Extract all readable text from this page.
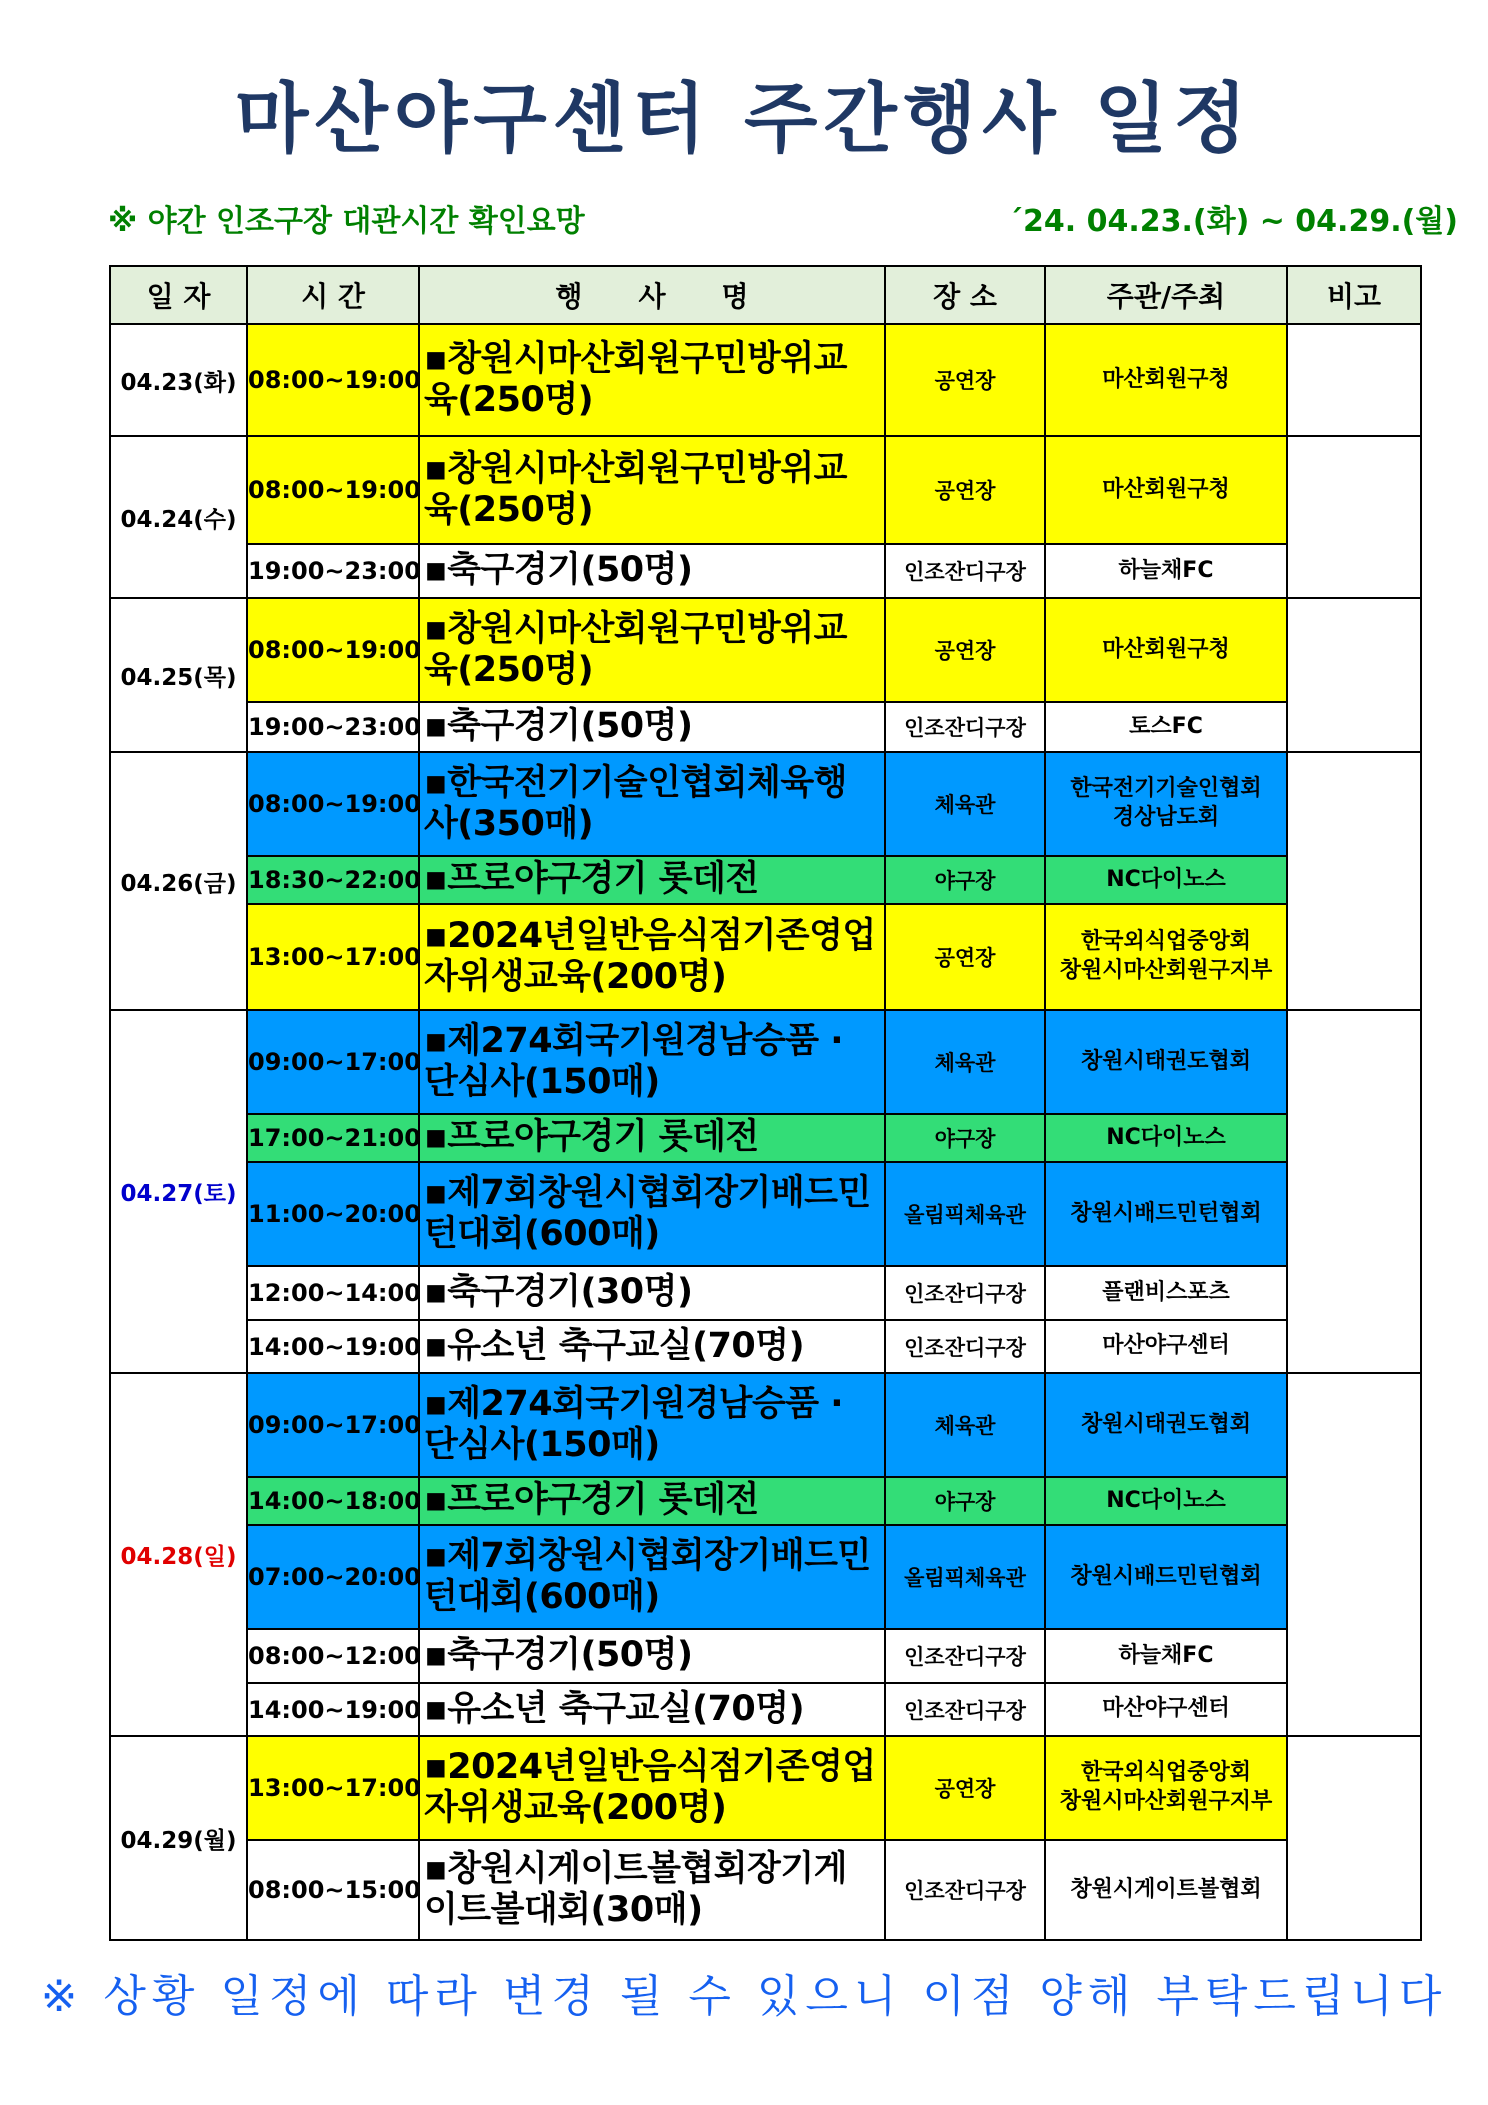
마산야구센터 주간행사 일정
※ 야간 인조구장 대관시간 확인요망	´24. 04.23.(화) ~ 04.29.(월)
일 자	시 간	행　　사　　명	장 소	주관/주최	비고
04.23(화)	08:00~19:00	▪창원시마산회원구민방위교육(250명)	공연장	마산회원구청	
04.24(수)	08:00~19:00	▪창원시마산회원구민방위교육(250명)	공연장	마산회원구청	
	19:00~23:00	▪축구경기(50명)	인조잔디구장	하늘채FC	
04.25(목)	08:00~19:00	▪창원시마산회원구민방위교육(250명)	공연장	마산회원구청	
	19:00~23:00	▪축구경기(50명)	인조잔디구장	토스FC	
04.26(금)	08:00~19:00	▪한국전기기술인협회체육행사(350매)	체육관	한국전기기술인협회
경상남도회	
	18:30~22:00	▪프로야구경기 롯데전	야구장	NC다이노스	
	13:00~17:00	▪2024년일반음식점기존영업자위생교육(200명)	공연장	한국외식업중앙회
창원시마산회원구지부	
04.27(토)	09:00~17:00	▪제274회국기원경남승품 · 단심사(150매)	체육관	창원시태권도협회	
	17:00~21:00	▪프로야구경기 롯데전	야구장	NC다이노스	
	11:00~20:00	▪제7회창원시협회장기배드민턴대회(600매)	올림픽체육관	창원시배드민턴협회	
	12:00~14:00	▪축구경기(30명)	인조잔디구장	플랜비스포츠	
	14:00~19:00	▪유소년 축구교실(70명)	인조잔디구장	마산야구센터	
04.28(일)	09:00~17:00	▪제274회국기원경남승품 · 단심사(150매)	체육관	창원시태권도협회	
	14:00~18:00	▪프로야구경기 롯데전	야구장	NC다이노스	
	07:00~20:00	▪제7회창원시협회장기배드민턴대회(600매)	올림픽체육관	창원시배드민턴협회	
	08:00~12:00	▪축구경기(50명)	인조잔디구장	하늘채FC	
	14:00~19:00	▪유소년 축구교실(70명)	인조잔디구장	마산야구센터	
04.29(월)	13:00~17:00	▪2024년일반음식점기존영업자위생교육(200명)	공연장	한국외식업중앙회
창원시마산회원구지부	
	08:00~15:00	▪창원시게이트볼협회장기게이트볼대회(30매)	인조잔디구장	창원시게이트볼협회	
※ 상황 일정에 따라 변경 될 수 있으니 이점 양해 부탁드립니다
